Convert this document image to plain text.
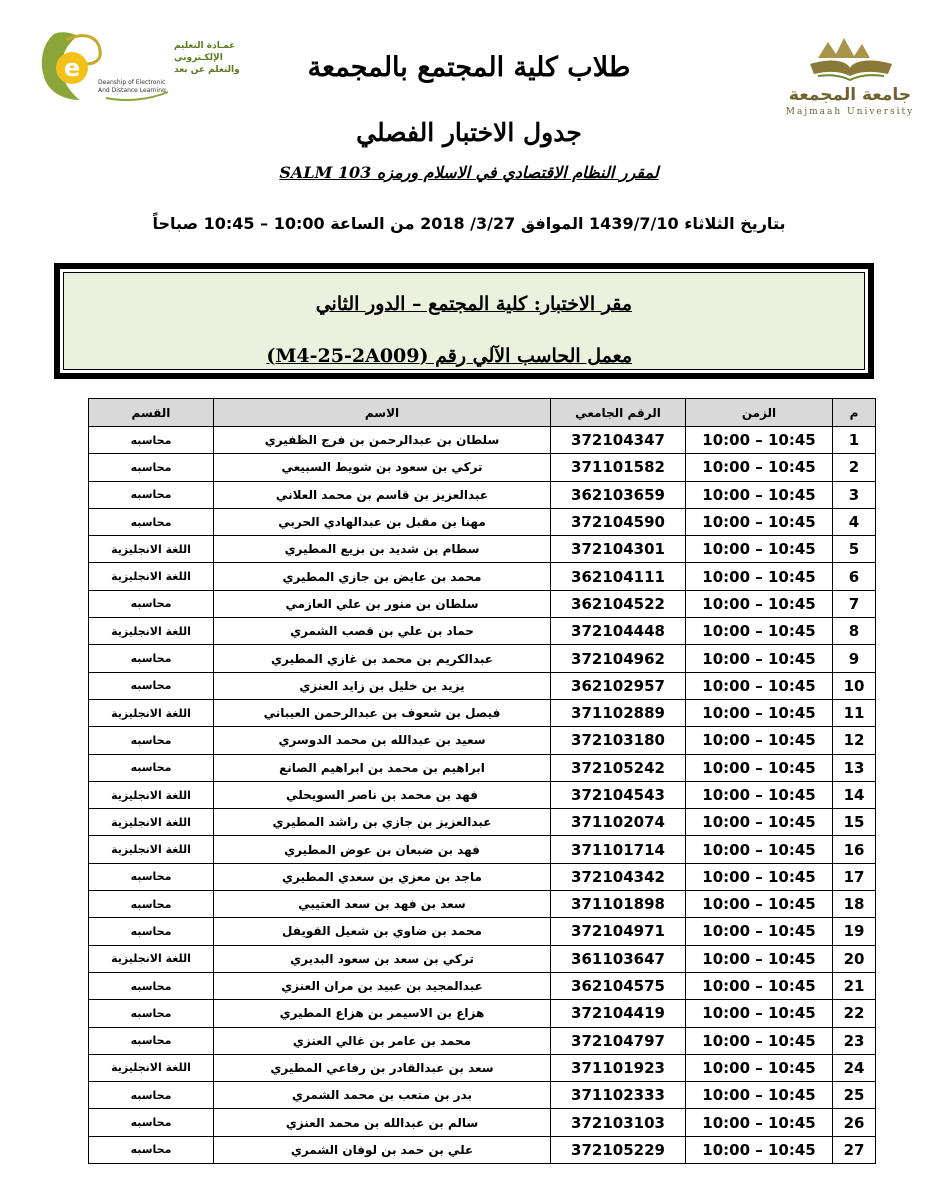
e
عمـادة التعليم
الإلكـتروني
والتعلم عن بعد
Deanship of Electronic
And Distance Learning	جامعة المجمعة
Majmaah University
طلاب كلية المجتمع بالمجمعة
جدول الاختبار الفصلي
لمقرر النظام الاقتصادي في الاسلام ورمزه SALM 103
بتاريخ الثلاثاء 1439/7/10 الموافق 3/27/ 2018 من الساعة 10:00 – 10:45 صباحاً
مقر الاختبار: كلية المجتمع – الدور الثاني
معمل الحاسب الآلي رقم (M4-25-2A009)
م	الزمن	الرقم الجامعي	الاسم	القسم
1	10:00 – 10:45	372104347	سلطان بن عبدالرحمن بن فرج الظفيري	محاسبه
2	10:00 – 10:45	371101582	تركي بن سعود بن شويط السبيعي	محاسبه
3	10:00 – 10:45	362103659	عبدالعزيز بن قاسم بن محمد العلاني	محاسبه
4	10:00 – 10:45	372104590	مهنا بن مقبل بن عبدالهادي الحربي	محاسبه
5	10:00 – 10:45	372104301	سطام بن شديد بن بزيع المطيري	اللغة الانجليزية
6	10:00 – 10:45	362104111	محمد بن عايض بن جازي المطيري	اللغة الانجليزية
7	10:00 – 10:45	362104522	سلطان بن منور بن علي العازمي	محاسبه
8	10:00 – 10:45	372104448	حماد بن علي بن قصب الشمري	اللغة الانجليزية
9	10:00 – 10:45	372104962	عبدالكريم بن محمد بن غازي المطيري	محاسبه
10	10:00 – 10:45	362102957	يزيد بن خليل بن زايد العنزي	محاسبه
11	10:00 – 10:45	371102889	فيصل بن شعوف بن عبدالرحمن العيباني	اللغة الانجليزية
12	10:00 – 10:45	372103180	سعيد بن عبدالله بن محمد الدوسري	محاسبه
13	10:00 – 10:45	372105242	ابراهيم بن محمد بن ابراهيم الصانع	محاسبه
14	10:00 – 10:45	372104543	فهد بن محمد بن ناصر السويحلي	اللغة الانجليزية
15	10:00 – 10:45	371102074	عبدالعزيز بن جازي بن راشد المطيري	اللغة الانجليزية
16	10:00 – 10:45	371101714	فهد بن ضبعان بن عوض المطيري	اللغة الانجليزية
17	10:00 – 10:45	372104342	ماجد بن معزي بن سعدي المطيري	محاسبه
18	10:00 – 10:45	371101898	سعد بن فهد بن سعد العتيبي	محاسبه
19	10:00 – 10:45	372104971	محمد بن ضاوي بن شعيل القويفل	محاسبه
20	10:00 – 10:45	361103647	تركي بن سعد بن سعود البديري	اللغة الانجليزية
21	10:00 – 10:45	362104575	عبدالمجيد بن عبيد بن مران العنزي	محاسبه
22	10:00 – 10:45	372104419	هزاع بن الاسيمر بن هزاع المطيري	محاسبه
23	10:00 – 10:45	372104797	محمد بن عامر بن غالي العنزي	محاسبه
24	10:00 – 10:45	371101923	سعد بن عبدالقادر بن رفاعي المطيري	اللغة الانجليزية
25	10:00 – 10:45	371102333	بدر بن متعب بن محمد الشمري	محاسبه
26	10:00 – 10:45	372103103	سالم بن عبدالله بن محمد العنزي	محاسبه
27	10:00 – 10:45	372105229	علي بن حمد بن لوفان الشمري	محاسبه
